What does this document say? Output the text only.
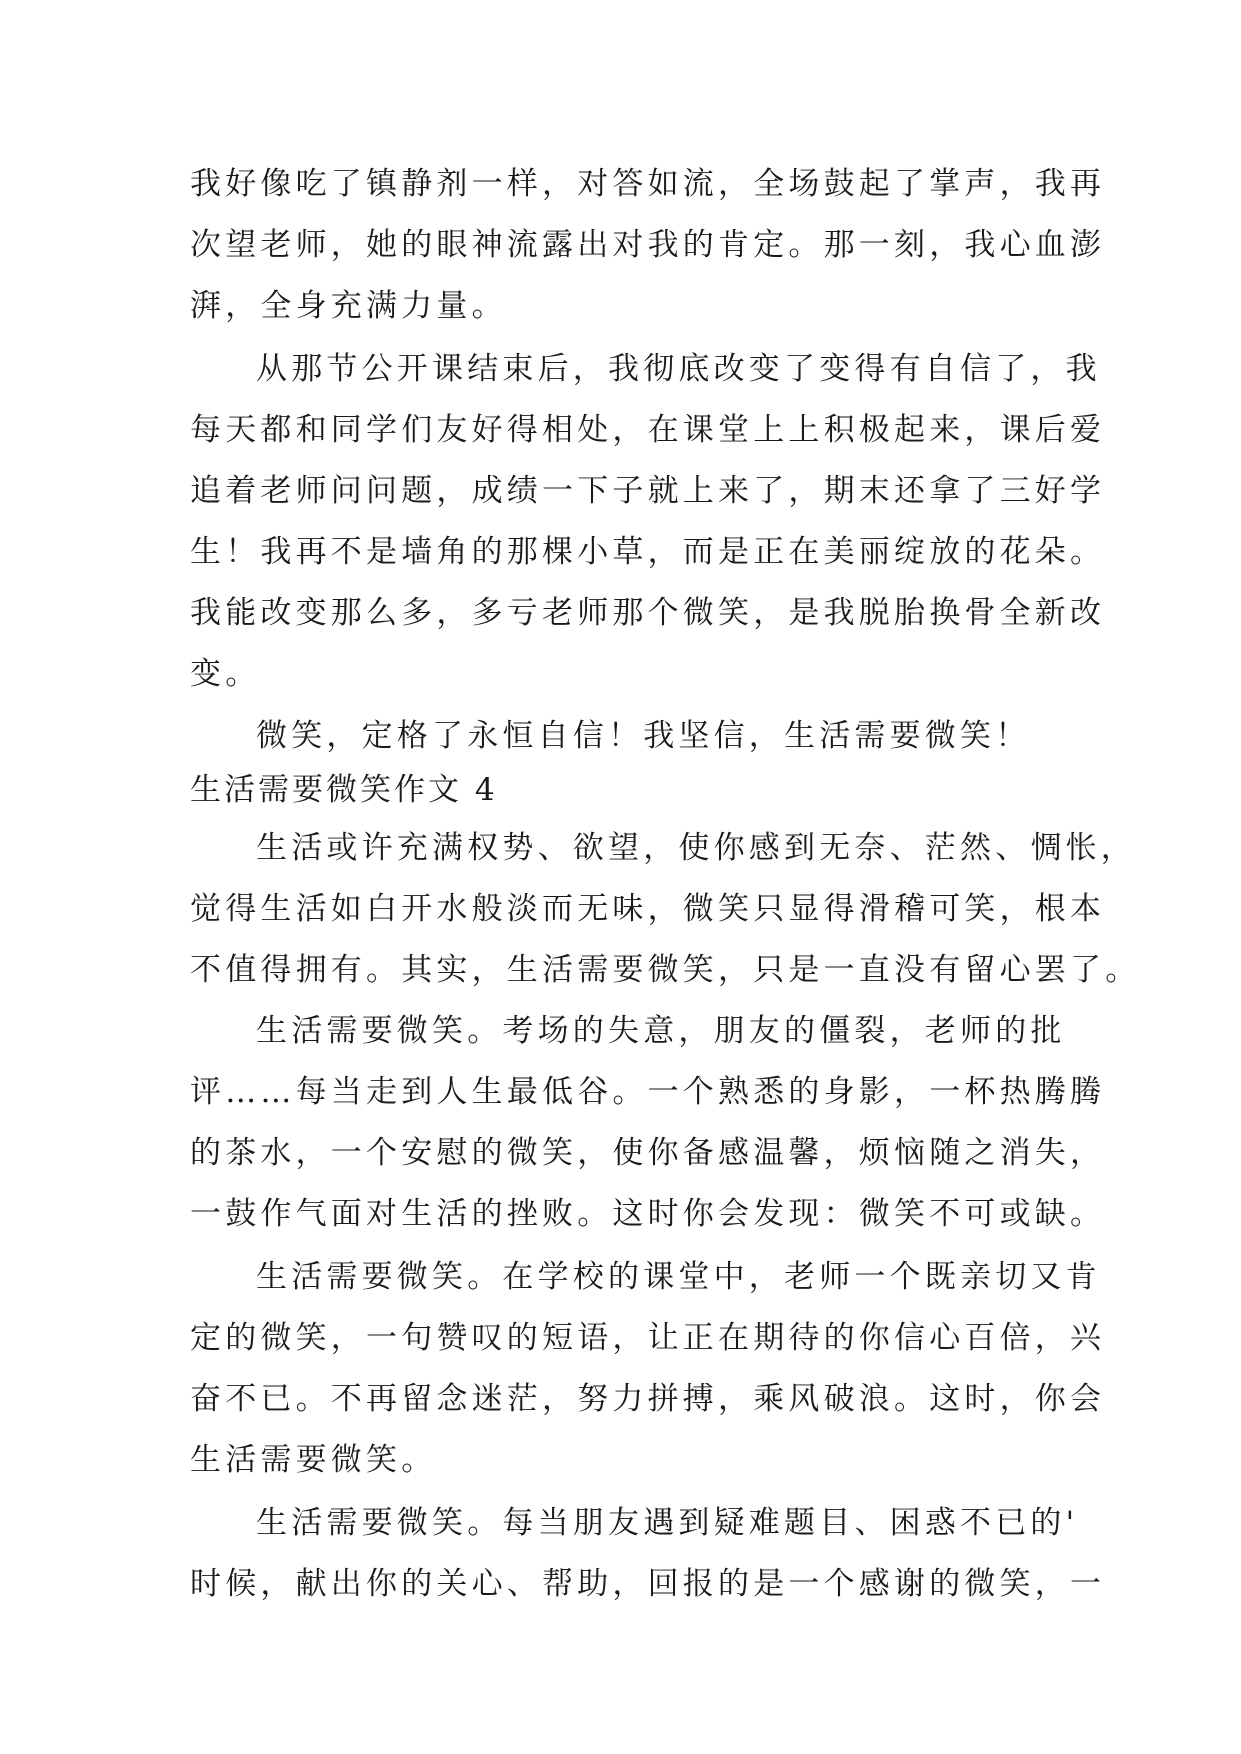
我好像吃了镇静剂一样，对答如流，全场鼓起了掌声，我再
次望老师，她的眼神流露出对我的肯定。那一刻，我心血澎
湃，全身充满力量。
从那节公开课结束后，我彻底改变了变得有自信了，我
每天都和同学们友好得相处，在课堂上上积极起来，课后爱
追着老师问问题，成绩一下子就上来了，期末还拿了三好学
生！我再不是墙角的那棵小草，而是正在美丽绽放的花朵。
我能改变那么多，多亏老师那个微笑，是我脱胎换骨全新改
变。
微笑，定格了永恒自信！我坚信，生活需要微笑！
生活需要微笑作文 4
生活或许充满权势、欲望，使你感到无奈、茫然、惆怅，
觉得生活如白开水般淡而无味，微笑只显得滑稽可笑，根本
不值得拥有。其实，生活需要微笑，只是一直没有留心罢了。
生活需要微笑。考场的失意，朋友的僵裂，老师的批
评……每当走到人生最低谷。一个熟悉的身影，一杯热腾腾
的茶水，一个安慰的微笑，使你备感温馨，烦恼随之消失，
一鼓作气面对生活的挫败。这时你会发现：微笑不可或缺。
生活需要微笑。在学校的课堂中，老师一个既亲切又肯
定的微笑，一句赞叹的短语，让正在期待的你信心百倍，兴
奋不已。不再留念迷茫，努力拼搏，乘风破浪。这时，你会
生活需要微笑。
生活需要微笑。每当朋友遇到疑难题目、困惑不已的'
时候，献出你的关心、帮助，回报的是一个感谢的微笑，一
